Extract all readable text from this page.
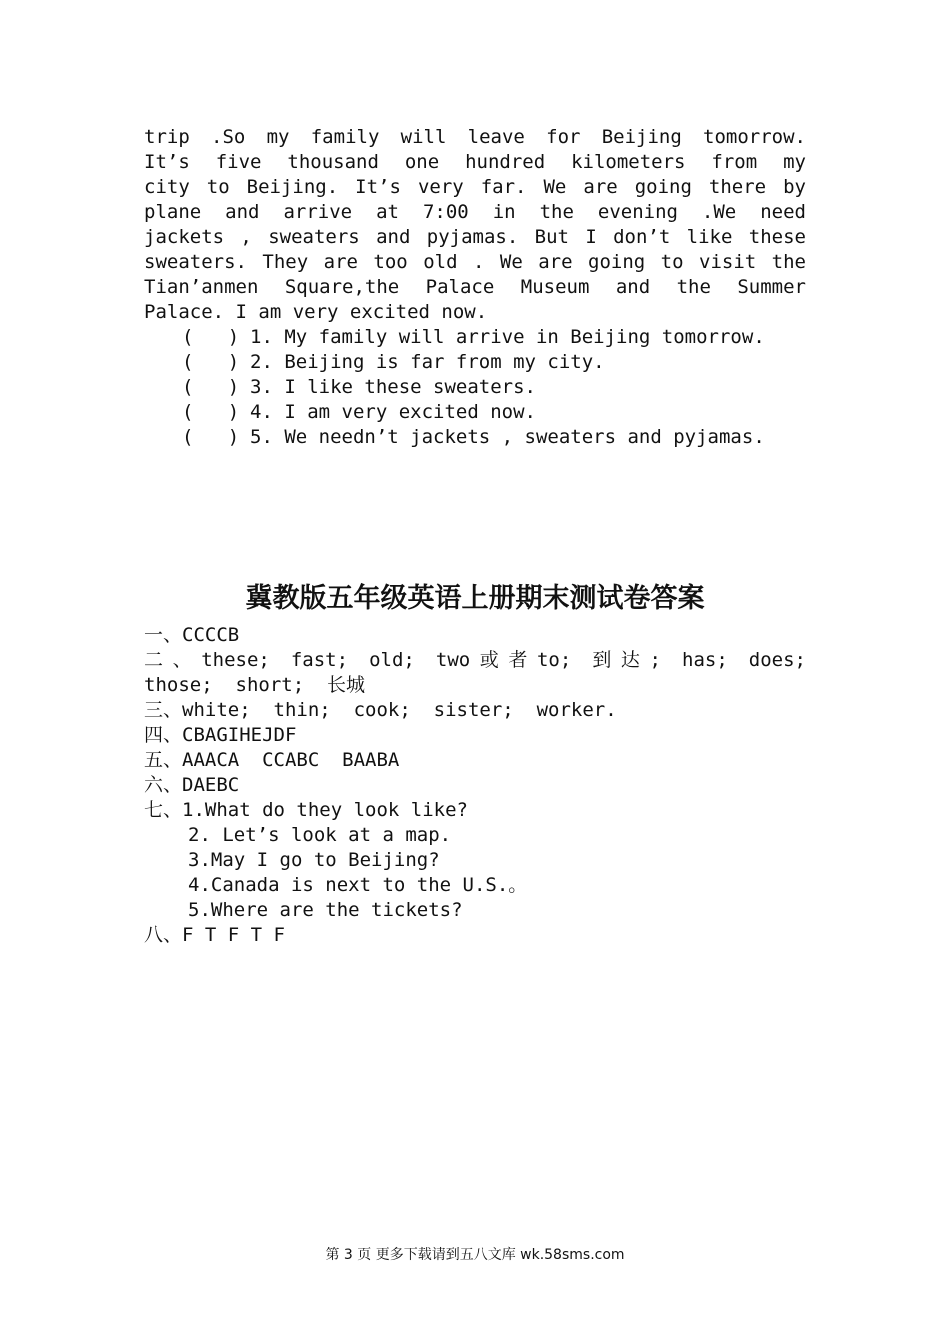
trip .So my family will leave for Beijing tomorrow.
It’s five thousand one hundred kilometers from my
city to Beijing. It’s very far. We are going there by
plane and arrive at 7:00 in the evening .We need
jackets , sweaters and pyjamas. But I don’t like these
sweaters. They are too old . We are going to visit the
Tian’anmen Square,the Palace Museum and the Summer
Palace. I am very excited now.
(   ) 1. My family will arrive in Beijing tomorrow.
(   ) 2. Beijing is far from my city.
(   ) 3. I like these sweaters.
(   ) 4. I am very excited now.
(   ) 5. We needn’t jackets , sweaters and pyjamas.
冀教版五年级英语上册期末测试卷答案
一、CCCCB
二、these; fast; old; two或者to; 到达; has; does;
those;  short;  长城
三、white;  thin;  cook;  sister;  worker.
四、CBAGIHEJDF
五、AAACA  CCABC  BAABA
六、DAEBC
七、1.What do they look like?
2. Let’s look at a map.
3.May I go to Beijing?
4.Canada is next to the U.S.。
5.Where are the tickets?
八、F T F T F
第 3 页 更多下载请到五八文库 wk.58sms.com
